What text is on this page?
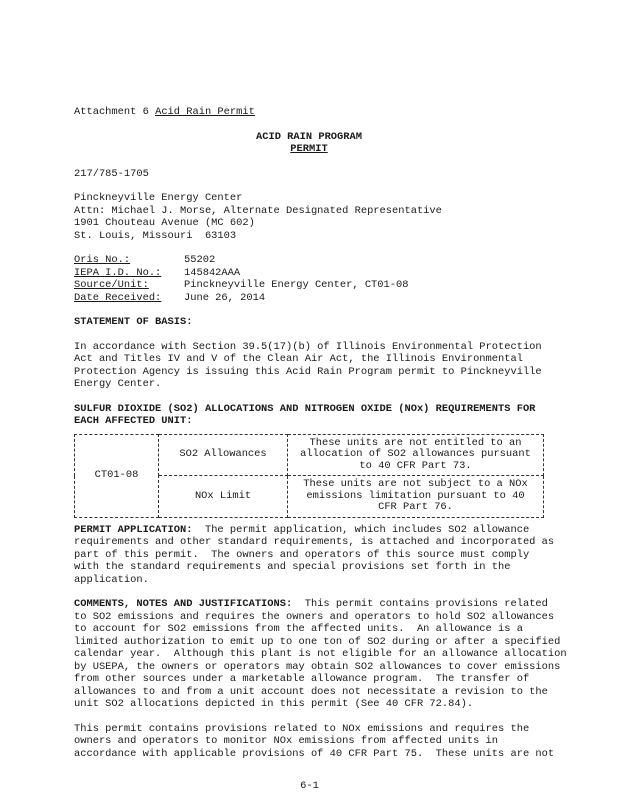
Attachment 6 Acid Rain Permit
ACID RAIN PROGRAM
PERMIT
217/785-1705
Pinckneyville Energy Center
Attn: Michael J. Morse, Alternate Designated Representative
1901 Chouteau Avenue (MC 602)
St. Louis, Missouri  63103
Oris No.:	55202
IEPA I.D. No.: 145842AAA
Source/Unit:	Pinckneyville Energy Center, CT01-08
Date Received: June 26, 2014
STATEMENT OF BASIS:
In accordance with Section 39.5(17)(b) of Illinois Environmental Protection
Act and Titles IV and V of the Clean Air Act, the Illinois Environmental
Protection Agency is issuing this Acid Rain Program permit to Pinckneyville
Energy Center.
SULFUR DIOXIDE (SO2) ALLOCATIONS AND NITROGEN OXIDE (NOx) REQUIREMENTS FOR
EACH AFFECTED UNIT:
CT01-08	SO2 Allowances	These units are not entitled to an
allocation of SO2 allowances pursuant
to 40 CFR Part 73.
	NOx Limit	These units are not subject to a NOx
emissions limitation pursuant to 40
CFR Part 76.
PERMIT APPLICATION:  The permit application, which includes SO2 allowance
requirements and other standard requirements, is attached and incorporated as
part of this permit.  The owners and operators of this source must comply
with the standard requirements and special provisions set forth in the
application.
COMMENTS, NOTES AND JUSTIFICATIONS:  This permit contains provisions related
to SO2 emissions and requires the owners and operators to hold SO2 allowances
to account for SO2 emissions from the affected units.  An allowance is a
limited authorization to emit up to one ton of SO2 during or after a specified
calendar year.  Although this plant is not eligible for an allowance allocation
by USEPA, the owners or operators may obtain SO2 allowances to cover emissions
from other sources under a marketable allowance program.  The transfer of
allowances to and from a unit account does not necessitate a revision to the
unit SO2 allocations depicted in this permit (See 40 CFR 72.84).
This permit contains provisions related to NOx emissions and requires the
owners and operators to monitor NOx emissions from affected units in
accordance with applicable provisions of 40 CFR Part 75.  These units are not
6-1
